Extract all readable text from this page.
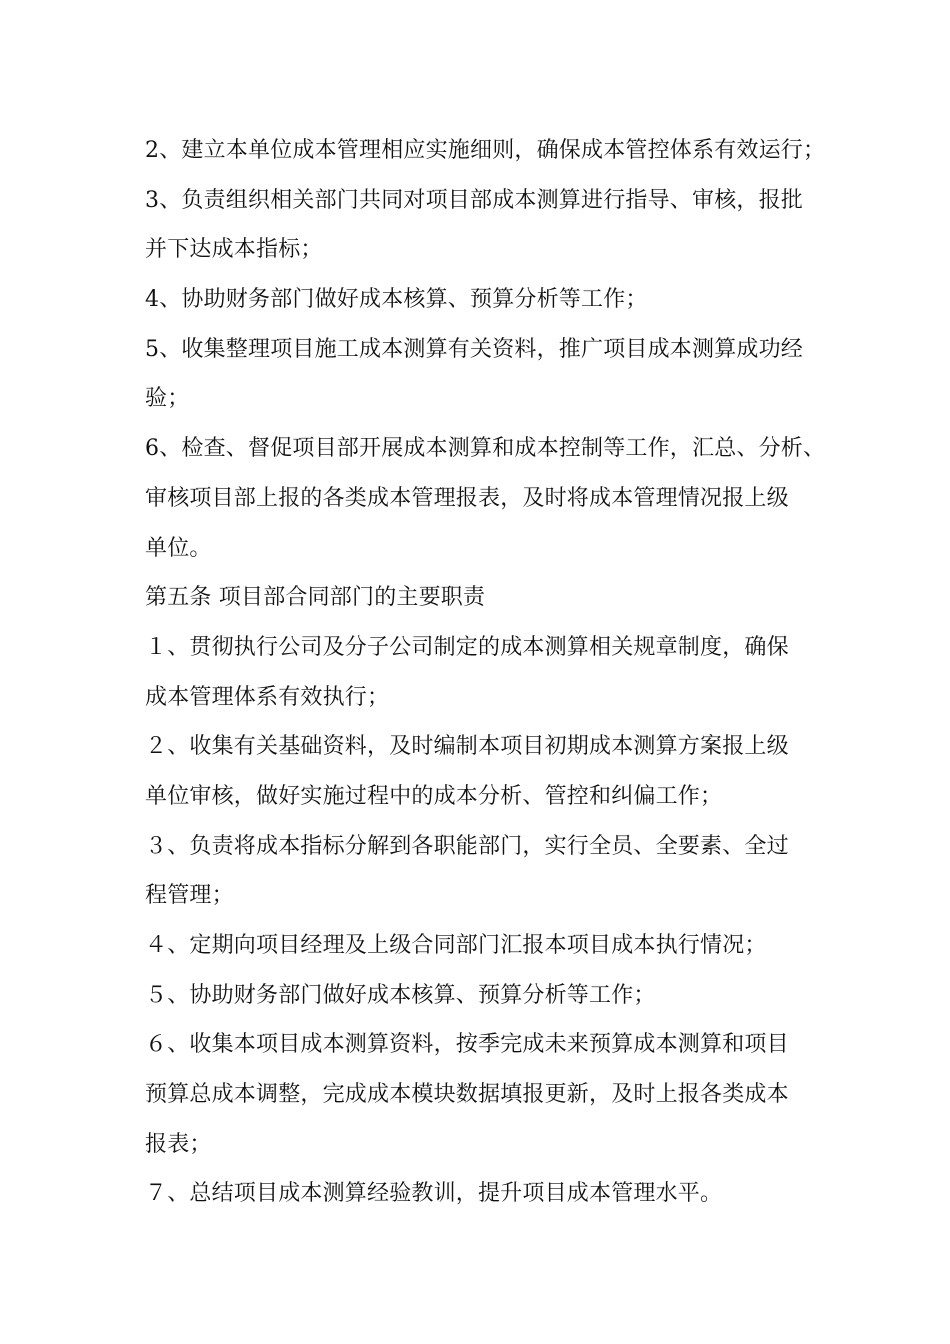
2、建立本单位成本管理相应实施细则，确保成本管控体系有效运行；
3、负责组织相关部门共同对项目部成本测算进行指导、审核，报批
并下达成本指标；
4、协助财务部门做好成本核算、预算分析等工作；
5、收集整理项目施工成本测算有关资料，推广项目成本测算成功经
验；
6、检查、督促项目部开展成本测算和成本控制等工作，汇总、分析、
审核项目部上报的各类成本管理报表，及时将成本管理情况报上级
单位。
第五条 项目部合同部门的主要职责
１、贯彻执行公司及分子公司制定的成本测算相关规章制度，确保
成本管理体系有效执行；
２、收集有关基础资料，及时编制本项目初期成本测算方案报上级
单位审核，做好实施过程中的成本分析、管控和纠偏工作；
３、负责将成本指标分解到各职能部门，实行全员、全要素、全过
程管理；
４、定期向项目经理及上级合同部门汇报本项目成本执行情况；
５、协助财务部门做好成本核算、预算分析等工作；
６、收集本项目成本测算资料，按季完成未来预算成本测算和项目
预算总成本调整，完成成本模块数据填报更新，及时上报各类成本
报表；
７、总结项目成本测算经验教训，提升项目成本管理水平。
